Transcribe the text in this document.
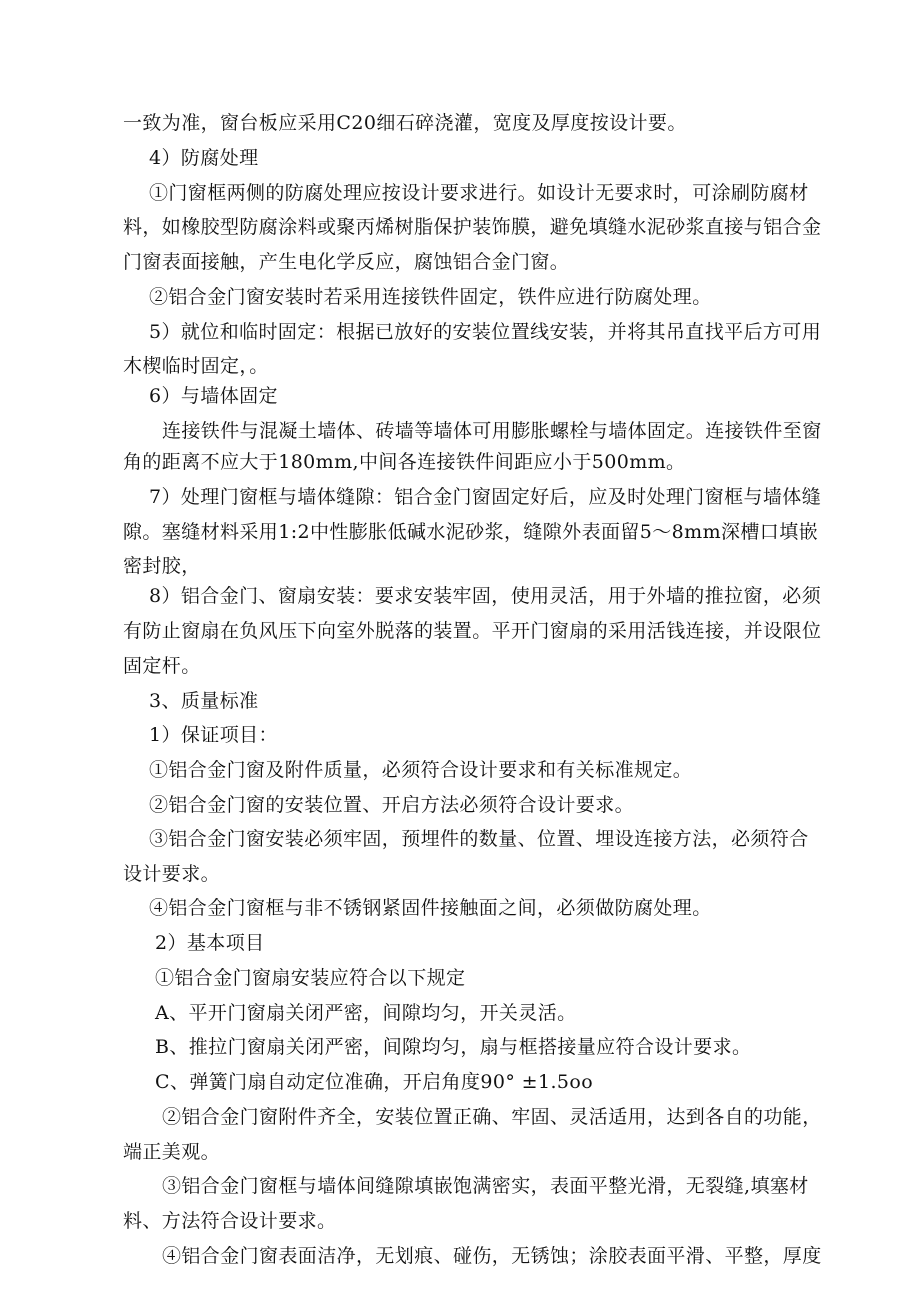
一致为准，窗台板应采用C20细石碎浇灌，宽度及厚度按设计要。
4）防腐处理
①门窗框两侧的防腐处理应按设计要求进行。如设计无要求时，可涂刷防腐材
料，如橡胶型防腐涂料或聚丙烯树脂保护装饰膜，避免填缝水泥砂浆直接与铝合金
门窗表面接触，产生电化学反应，腐蚀铝合金门窗。
②铝合金门窗安装时若采用连接铁件固定，铁件应进行防腐处理。
5）就位和临时固定：根据已放好的安装位置线安装，并将其吊直找平后方可用
木楔临时固定，。
6）与墙体固定
连接铁件与混凝土墙体、砖墙等墙体可用膨胀螺栓与墙体固定。连接铁件至窗
角的距离不应大于180mm,中间各连接铁件间距应小于500mm。
7）处理门窗框与墙体缝隙：铝合金门窗固定好后，应及时处理门窗框与墙体缝
隙。塞缝材料采用1:2中性膨胀低碱水泥砂浆，缝隙外表面留5～8mm深槽口填嵌
密封胶，
8）铝合金门、窗扇安装：要求安装牢固，使用灵活，用于外墙的推拉窗，必须
有防止窗扇在负风压下向室外脱落的装置。平开门窗扇的采用活钱连接，并设限位
固定杆。
3、质量标准
1）保证项目：
①铝合金门窗及附件质量，必须符合设计要求和有关标准规定。
②铝合金门窗的安装位置、开启方法必须符合设计要求。
③铝合金门窗安装必须牢固，预埋件的数量、位置、埋设连接方法，必须符合
设计要求。
④铝合金门窗框与非不锈钢紧固件接触面之间，必须做防腐处理。
2）基本项目
①铝合金门窗扇安装应符合以下规定
A、平开门窗扇关闭严密，间隙均匀，开关灵活。
B、推拉门窗扇关闭严密，间隙均匀，扇与框搭接量应符合设计要求。
C、弹簧门扇自动定位准确，开启角度90° ±1.5oo
②铝合金门窗附件齐全，安装位置正确、牢固、灵活适用，达到各自的功能，
端正美观。
③铝合金门窗框与墙体间缝隙填嵌饱满密实，表面平整光滑，无裂缝,填塞材
料、方法符合设计要求。
④铝合金门窗表面洁净，无划痕、碰伤，无锈蚀；涂胶表面平滑、平整，厚度
